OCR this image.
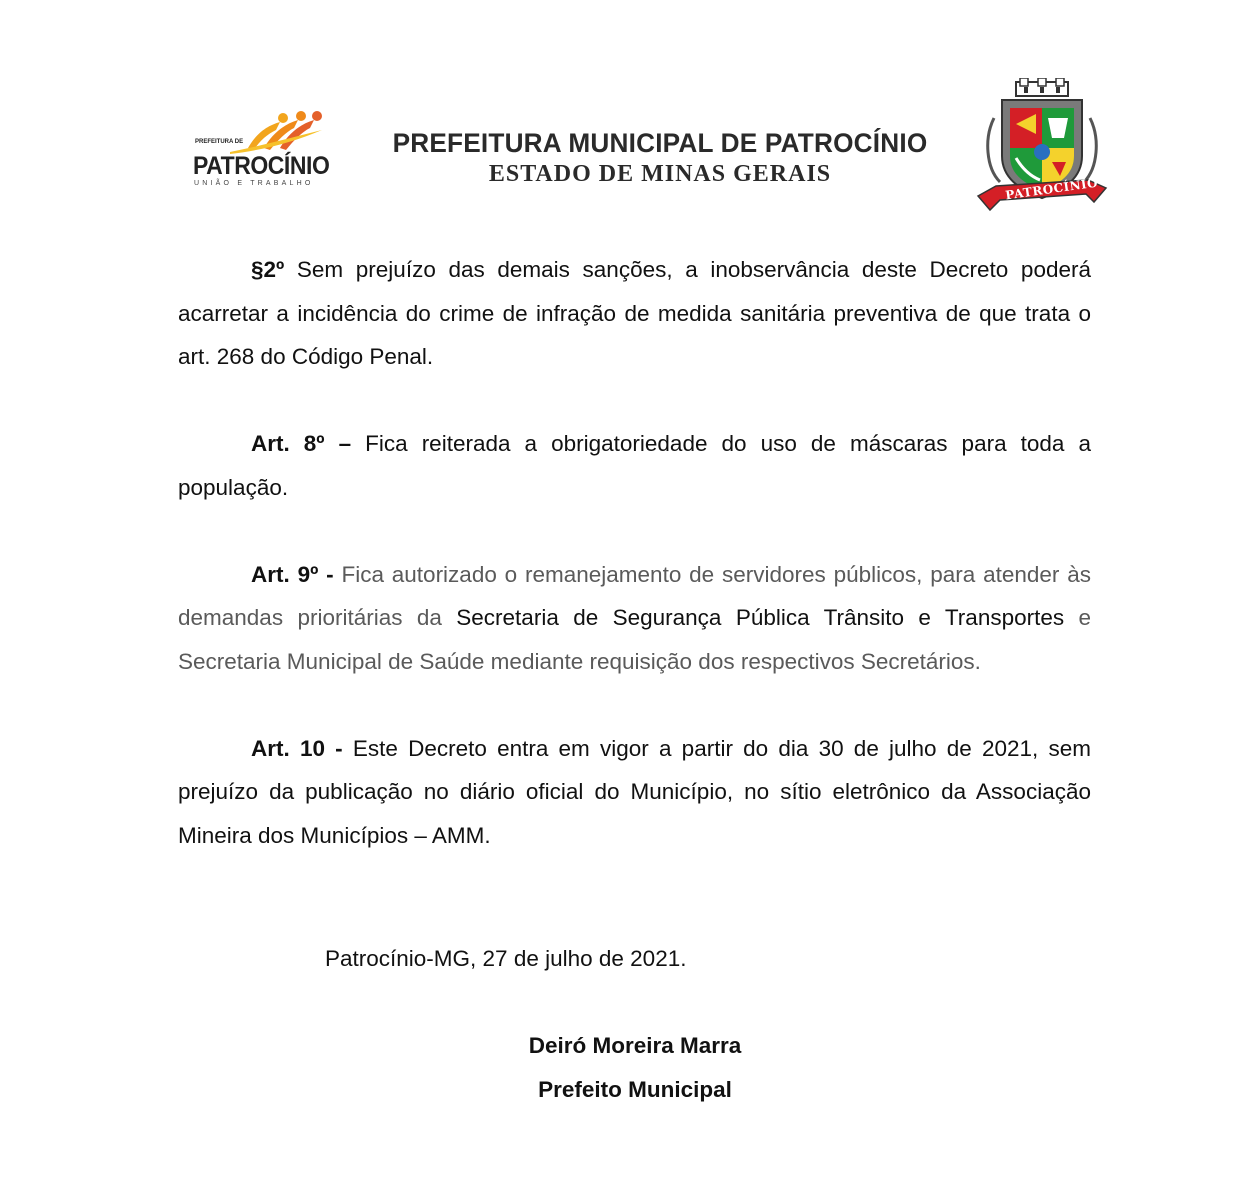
PREFEITURA DE
PATROCÍNIO
UNIÃO E TRABALHO
PREFEITURA MUNICIPAL DE PATROCÍNIO
ESTADO DE MINAS GERAIS
PATROCÍNIO

§2º Sem prejuízo das demais sanções, a inobservância deste Decreto poderá acarretar a incidência do crime de infração de medida sanitária preventiva de que trata o art. 268 do Código Penal.

Art. 8º – Fica reiterada a obrigatoriedade do uso de máscaras para toda a população.

Art. 9º - Fica autorizado o remanejamento de servidores públicos, para atender às demandas prioritárias da Secretaria de Segurança Pública Trânsito e Transportes e Secretaria Municipal de Saúde mediante requisição dos respectivos Secretários.

Art. 10 - Este Decreto entra em vigor a partir do dia 30 de julho de 2021, sem prejuízo da publicação no diário oficial do Município, no sítio eletrônico da Associação Mineira dos Municípios – AMM.

Patrocínio-MG, 27 de julho de 2021.
Deiró Moreira Marra
Prefeito Municipal
